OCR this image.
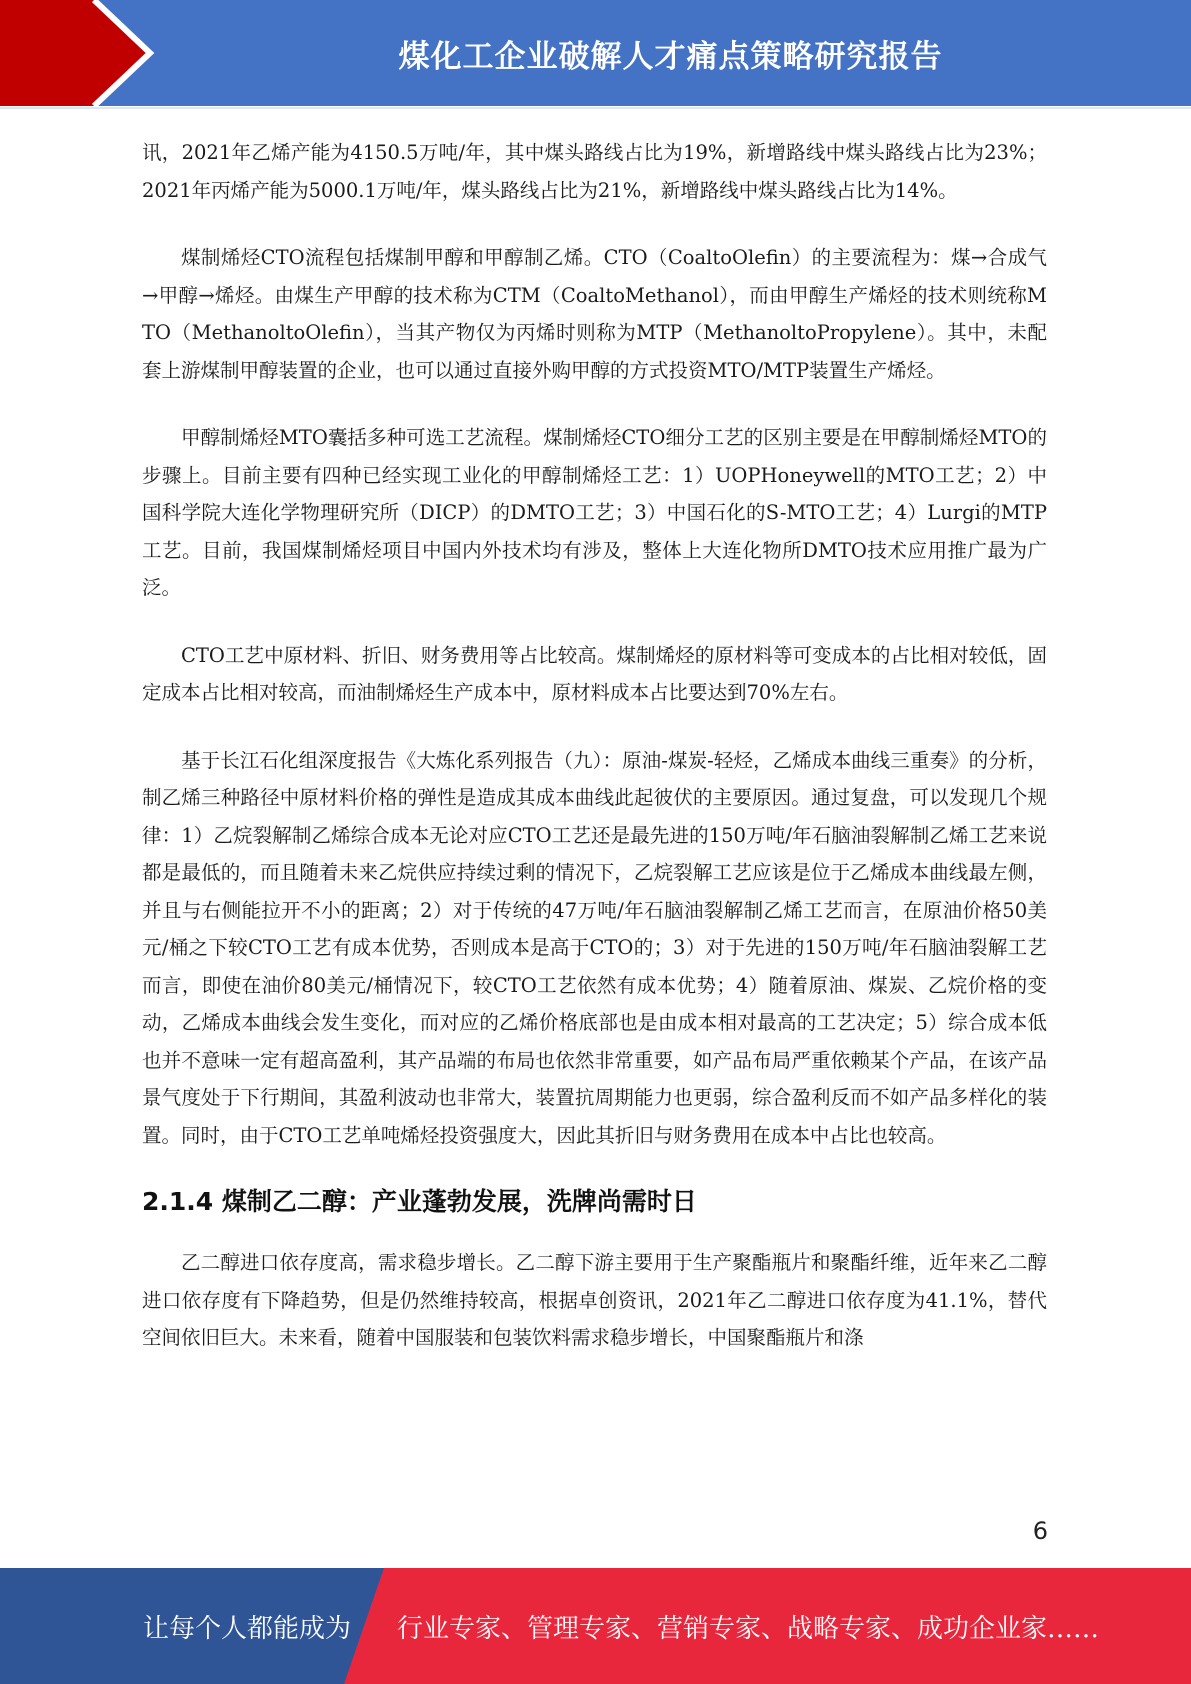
煤化工企业破解人才痛点策略研究报告

讯，2021年乙烯产能为4150.5万吨/年，其中煤头路线占比为19%，新增路线中煤头路线占比为23%；2021年丙烯产能为5000.1万吨/年，煤头路线占比为21%，新增路线中煤头路线占比为14%。

煤制烯烃CTO流程包括煤制甲醇和甲醇制乙烯。CTO（CoaltoOlefin）的主要流程为：煤→合成气→甲醇→烯烃。由煤生产甲醇的技术称为CTM（CoaltoMethanol），而由甲醇生产烯烃的技术则统称MTO（MethanoltoOlefin），当其产物仅为丙烯时则称为MTP（MethanoltoPropylene）。其中，未配套上游煤制甲醇装置的企业，也可以通过直接外购甲醇的方式投资MTO/MTP装置生产烯烃。

甲醇制烯烃MTO囊括多种可选工艺流程。煤制烯烃CTO细分工艺的区别主要是在甲醇制烯烃MTO的步骤上。目前主要有四种已经实现工业化的甲醇制烯烃工艺：1）UOPHoneywell的MTO工艺；2）中国科学院大连化学物理研究所（DICP）的DMTO工艺；3）中国石化的S-MTO工艺；4）Lurgi的MTP工艺。目前，我国煤制烯烃项目中国内外技术均有涉及，整体上大连化物所DMTO技术应用推广最为广泛。

CTO工艺中原材料、折旧、财务费用等占比较高。煤制烯烃的原材料等可变成本的占比相对较低，固定成本占比相对较高，而油制烯烃生产成本中，原材料成本占比要达到70%左右。

基于长江石化组深度报告《大炼化系列报告（九）：原油-煤炭-轻烃，乙烯成本曲线三重奏》的分析，制乙烯三种路径中原材料价格的弹性是造成其成本曲线此起彼伏的主要原因。通过复盘，可以发现几个规律：1）乙烷裂解制乙烯综合成本无论对应CTO工艺还是最先进的150万吨/年石脑油裂解制乙烯工艺来说都是最低的，而且随着未来乙烷供应持续过剩的情况下，乙烷裂解工艺应该是位于乙烯成本曲线最左侧，并且与右侧能拉开不小的距离；2）对于传统的47万吨/年石脑油裂解制乙烯工艺而言，在原油价格50美元/桶之下较CTO工艺有成本优势，否则成本是高于CTO的；3）对于先进的150万吨/年石脑油裂解工艺而言，即使在油价80美元/桶情况下，较CTO工艺依然有成本优势；4）随着原油、煤炭、乙烷价格的变动，乙烯成本曲线会发生变化，而对应的乙烯价格底部也是由成本相对最高的工艺决定；5）综合成本低也并不意味一定有超高盈利，其产品端的布局也依然非常重要，如产品布局严重依赖某个产品，在该产品景气度处于下行期间，其盈利波动也非常大，装置抗周期能力也更弱，综合盈利反而不如产品多样化的装置。同时，由于CTO工艺单吨烯烃投资强度大，因此其折旧与财务费用在成本中占比也较高。

2.1.4 煤制乙二醇：产业蓬勃发展，洗牌尚需时日

乙二醇进口依存度高，需求稳步增长。乙二醇下游主要用于生产聚酯瓶片和聚酯纤维，近年来乙二醇进口依存度有下降趋势，但是仍然维持较高，根据卓创资讯，2021年乙二醇进口依存度为41.1%，替代空间依旧巨大。未来看，随着中国服装和包装饮料需求稳步增长，中国聚酯瓶片和涤

6
让每个人都能成为 行业专家、管理专家、营销专家、战略专家、成功企业家……
